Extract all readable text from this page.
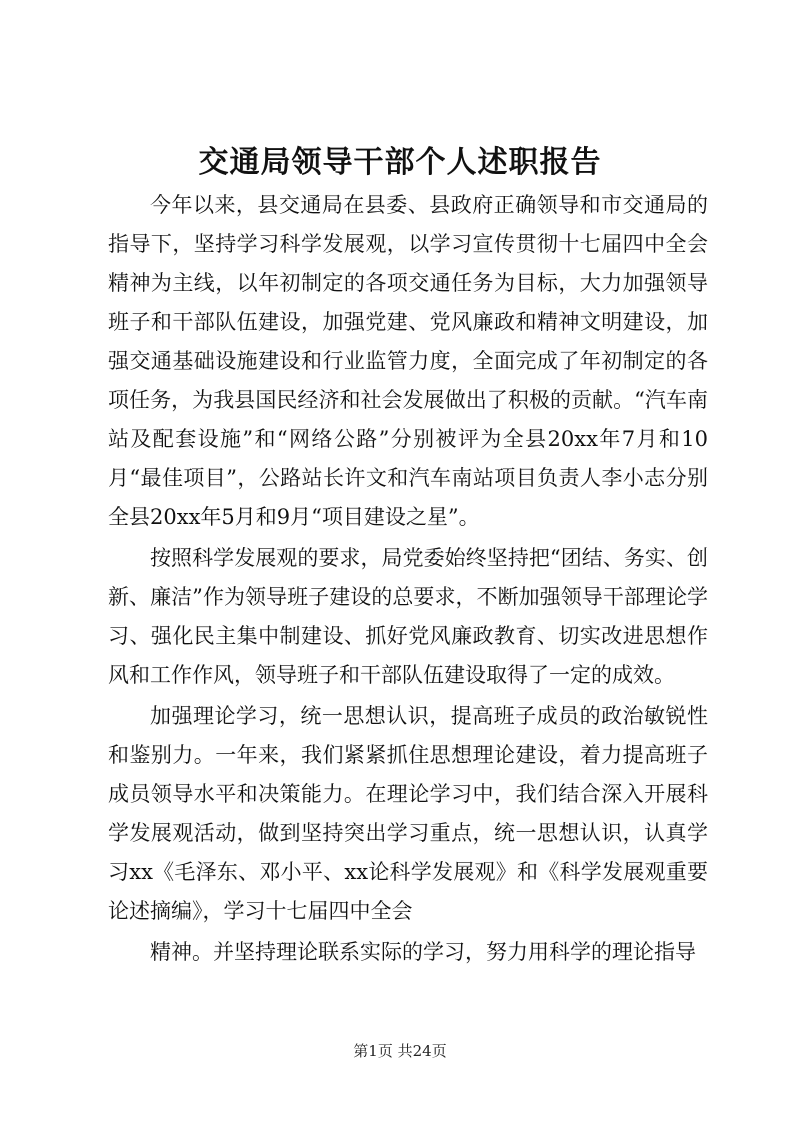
交通局领导干部个人述职报告

今年以来，县交通局在县委、县政府正确领导和市交通局的指导下，坚持学习科学发展观，以学习宣传贯彻十七届四中全会精神为主线，以年初制定的各项交通任务为目标，大力加强领导班子和干部队伍建设，加强党建、党风廉政和精神文明建设，加强交通基础设施建设和行业监管力度，全面完成了年初制定的各项任务，为我县国民经济和社会发展做出了积极的贡献。“汽车南站及配套设施”和“网络公路”分别被评为全县20xx年7月和10月“最佳项目”，公路站长许文和汽车南站项目负责人李小志分别全县20xx年5月和9月“项目建设之星”。

按照科学发展观的要求，局党委始终坚持把“团结、务实、创新、廉洁”作为领导班子建设的总要求，不断加强领导干部理论学习、强化民主集中制建设、抓好党风廉政教育、切实改进思想作风和工作作风，领导班子和干部队伍建设取得了一定的成效。

加强理论学习，统一思想认识，提高班子成员的政治敏锐性和鉴别力。一年来，我们紧紧抓住思想理论建设，着力提高班子成员领导水平和决策能力。在理论学习中，我们结合深入开展科学发展观活动，做到坚持突出学习重点，统一思想认识，认真学习xx《毛泽东、邓小平、xx论科学发展观》和《科学发展观重要论述摘编》，学习十七届四中全会

精神。并坚持理论联系实际的学习，努力用科学的理论指导

第1页 共24页
